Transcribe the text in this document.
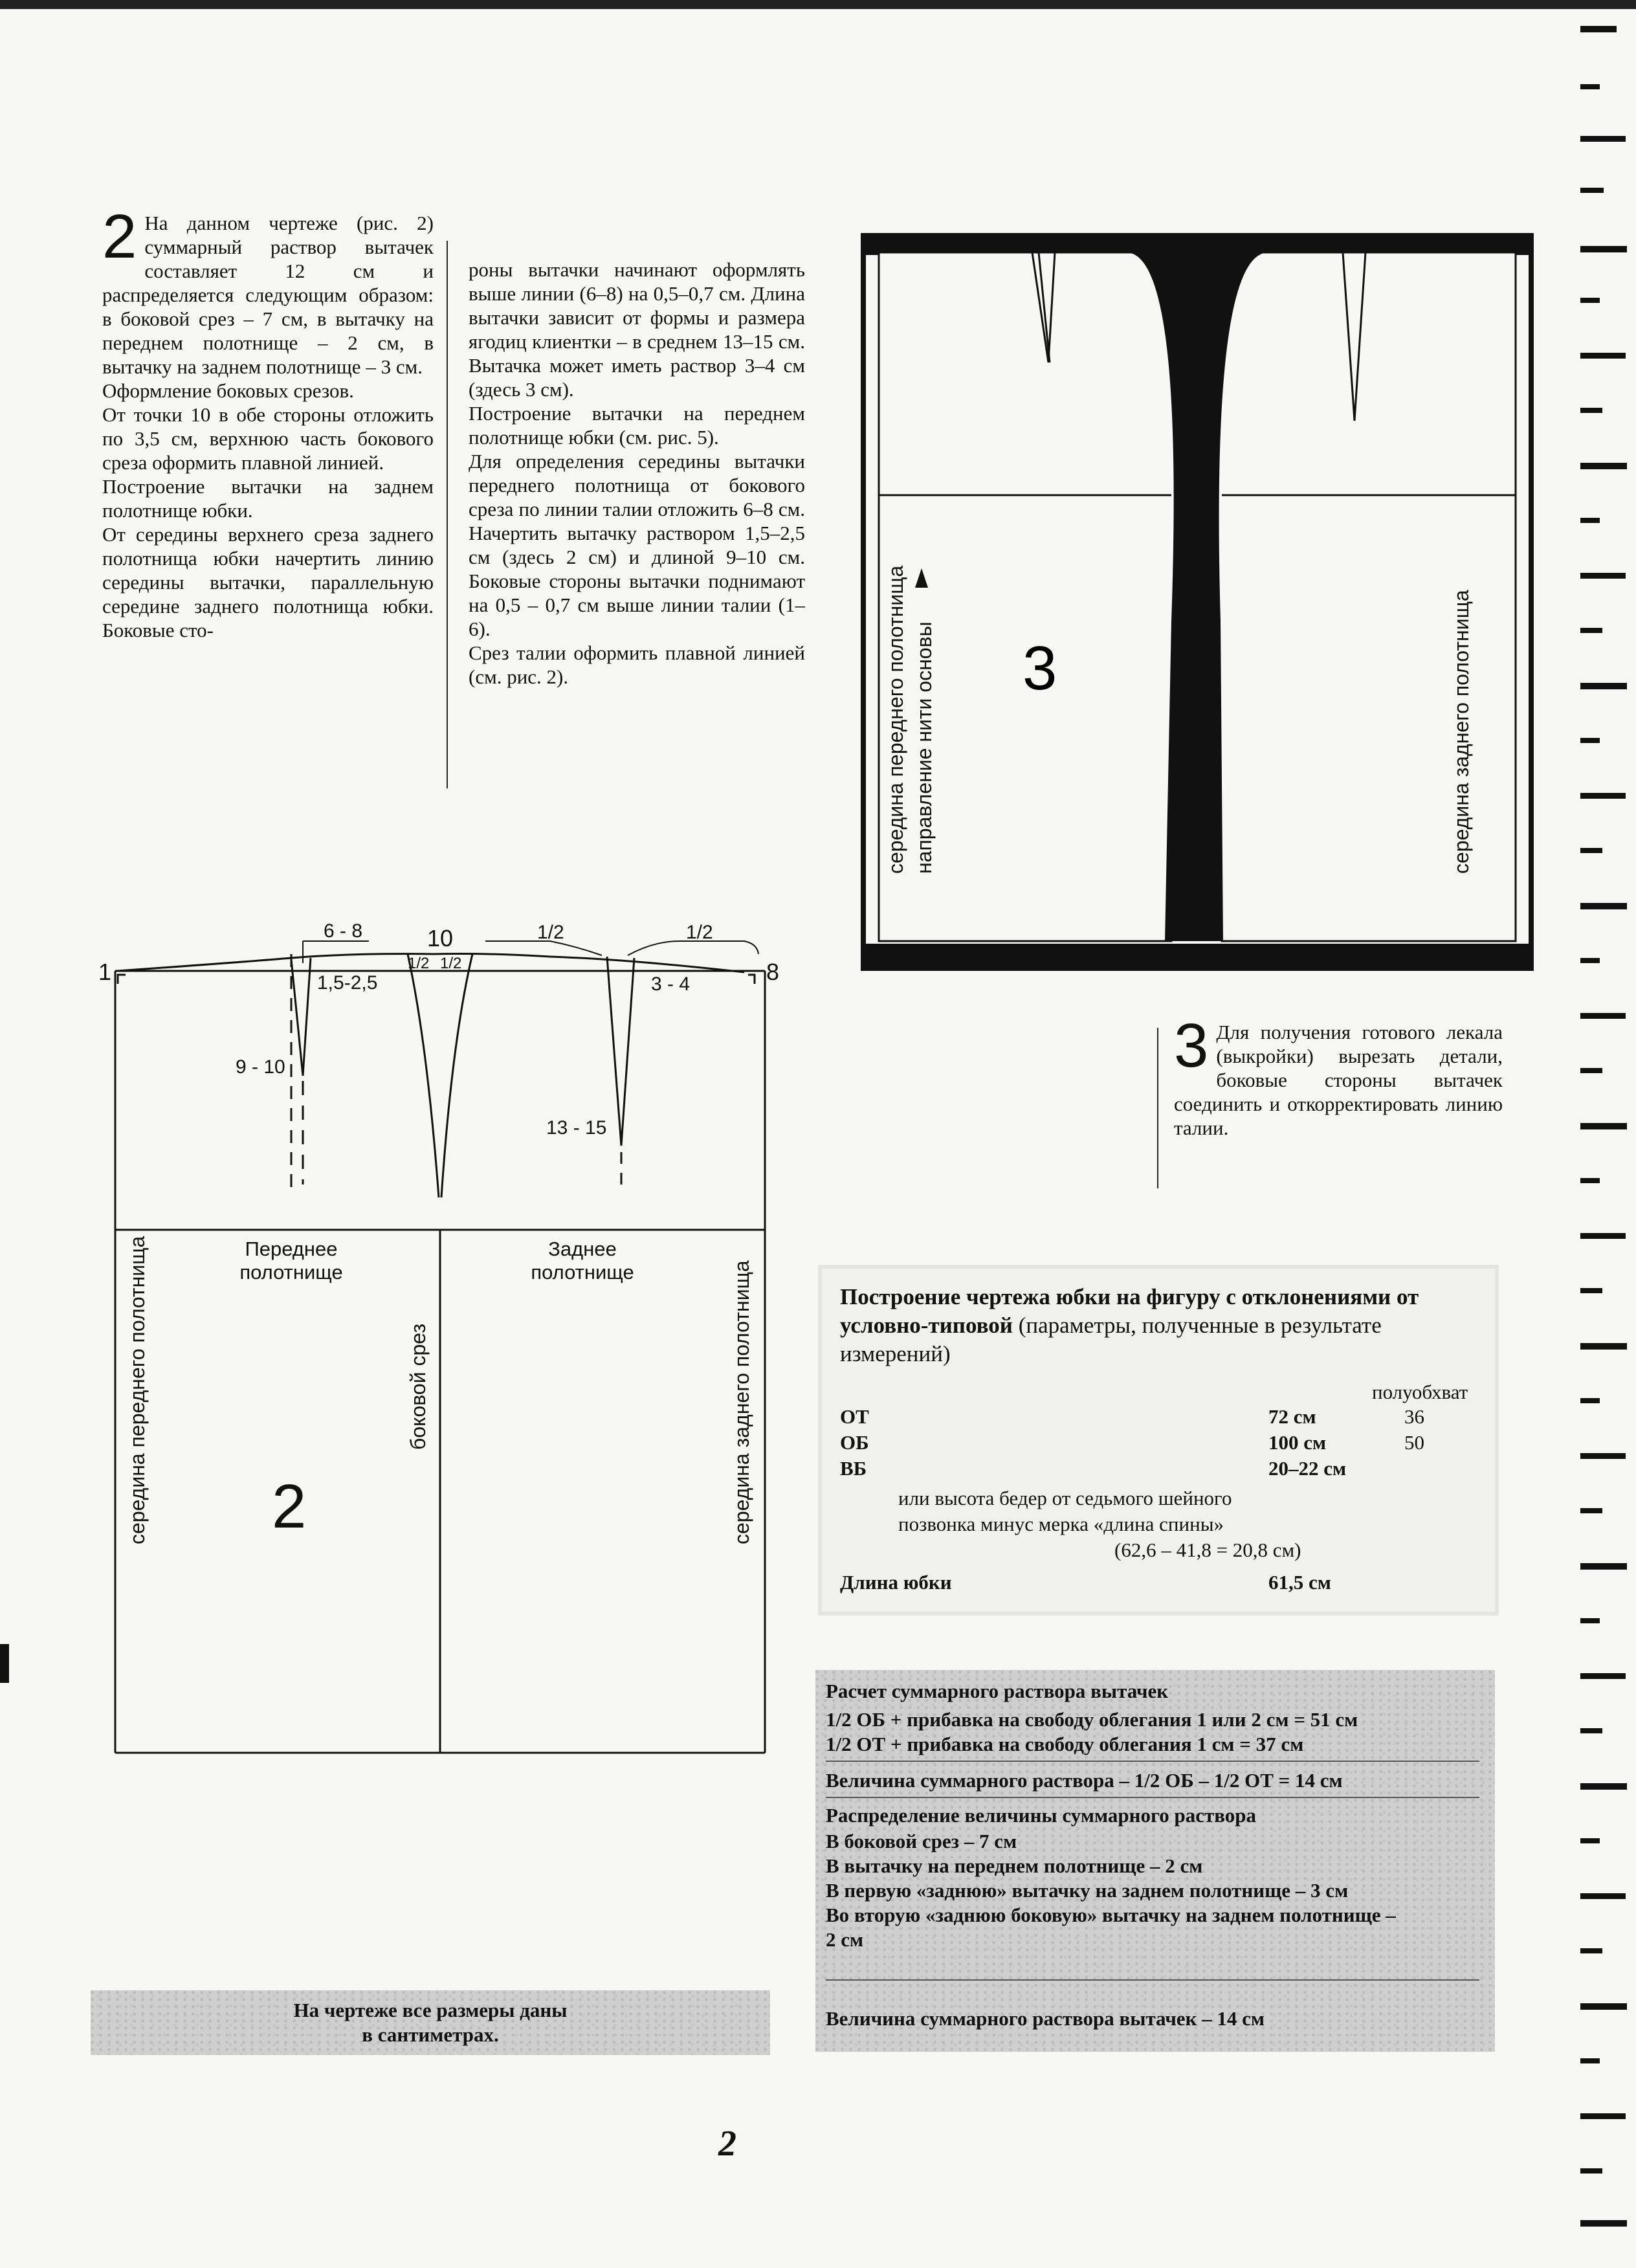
2 На данном чертеже (рис. 2) суммарный раствор вытачек составляет 12 см и распределяется следующим образом: в боковой срез – 7 см, в вытачку на переднем полотнище – 2 см, в вытачку на заднем полотнище – 3 см.

Оформление боковых срезов.

От точки 10 в обе стороны отложить по 3,5 см, верхнюю часть бокового среза оформить плавной линией.

Построение вытачки на заднем полотнище юбки.

От середины верхнего среза заднего полотнища юбки начертить линию середины вытачки, параллельную середине заднего полотнища юбки. Боковые сто-

роны вытачки начинают оформлять выше линии (6–8) на 0,5–0,7 см. Длина вытачки зависит от формы и размера ягодиц клиентки – в среднем 13–15 см. Вытачка может иметь раствор 3–4 см (здесь 3 см).

Построение вытачки на переднем полотнище юбки (см. рис. 5).

Для определения середины вытачки переднего полотнища от бокового среза по линии талии отложить 6–8 см. Начертить вытачку раствором 1,5–2,5 см (здесь 2 см) и длиной 9–10 см. Боковые стороны вытачки поднимают на 0,5 – 0,7 см выше линии талии (1–6).

Срез талии оформить плавной линией (см. рис. 2).	3
середина переднего полотнища направление нити основы	середина заднего полотнища
3 Для получения готового лекала (выкройки) вырезать детали, боковые стороны вытачек соединить и откорректировать линию талии.
1	8
10
6 - 8
1/2 1/2
1/2	1/2
1,5-2,5	3 - 4
9 - 10
13 - 15
2
Переднее полотнище
Заднее полотнище
боковой срез
середина переднего полотнища	середина заднего полотнища	Построение чертежа юбки на фигуру с отклонениями от условно-типовой (параметры, полученные в результате измерений)
полуобхват
ОТ	72 см	36
ОБ	100 см	50
ВБ	20–22 см
или высота бедер от седьмого шейного
позвонка минус мерка «длина спины»
(62,6 – 41,8 = 20,8 см)
Длина юбки	61,5 см
Расчет суммарного раствора вытачек
1/2 ОБ + прибавка на свободу облегания 1 или 2 см = 51 см
1/2 ОТ + прибавка на свободу облегания 1 см = 37 см
Величина суммарного раствора – 1/2 ОБ – 1/2 ОТ = 14 см
Распределение величины суммарного раствора
В боковой срез – 7 см
В вытачку на переднем полотнище – 2 см
В первую «заднюю» вытачку на заднем полотнище – 3 см
Во вторую «заднюю боковую» вытачку на заднем полотнище – 2 см
Величина суммарного раствора вытачек – 14 см
На чертеже все размеры даны
в сантиметрах.
2
